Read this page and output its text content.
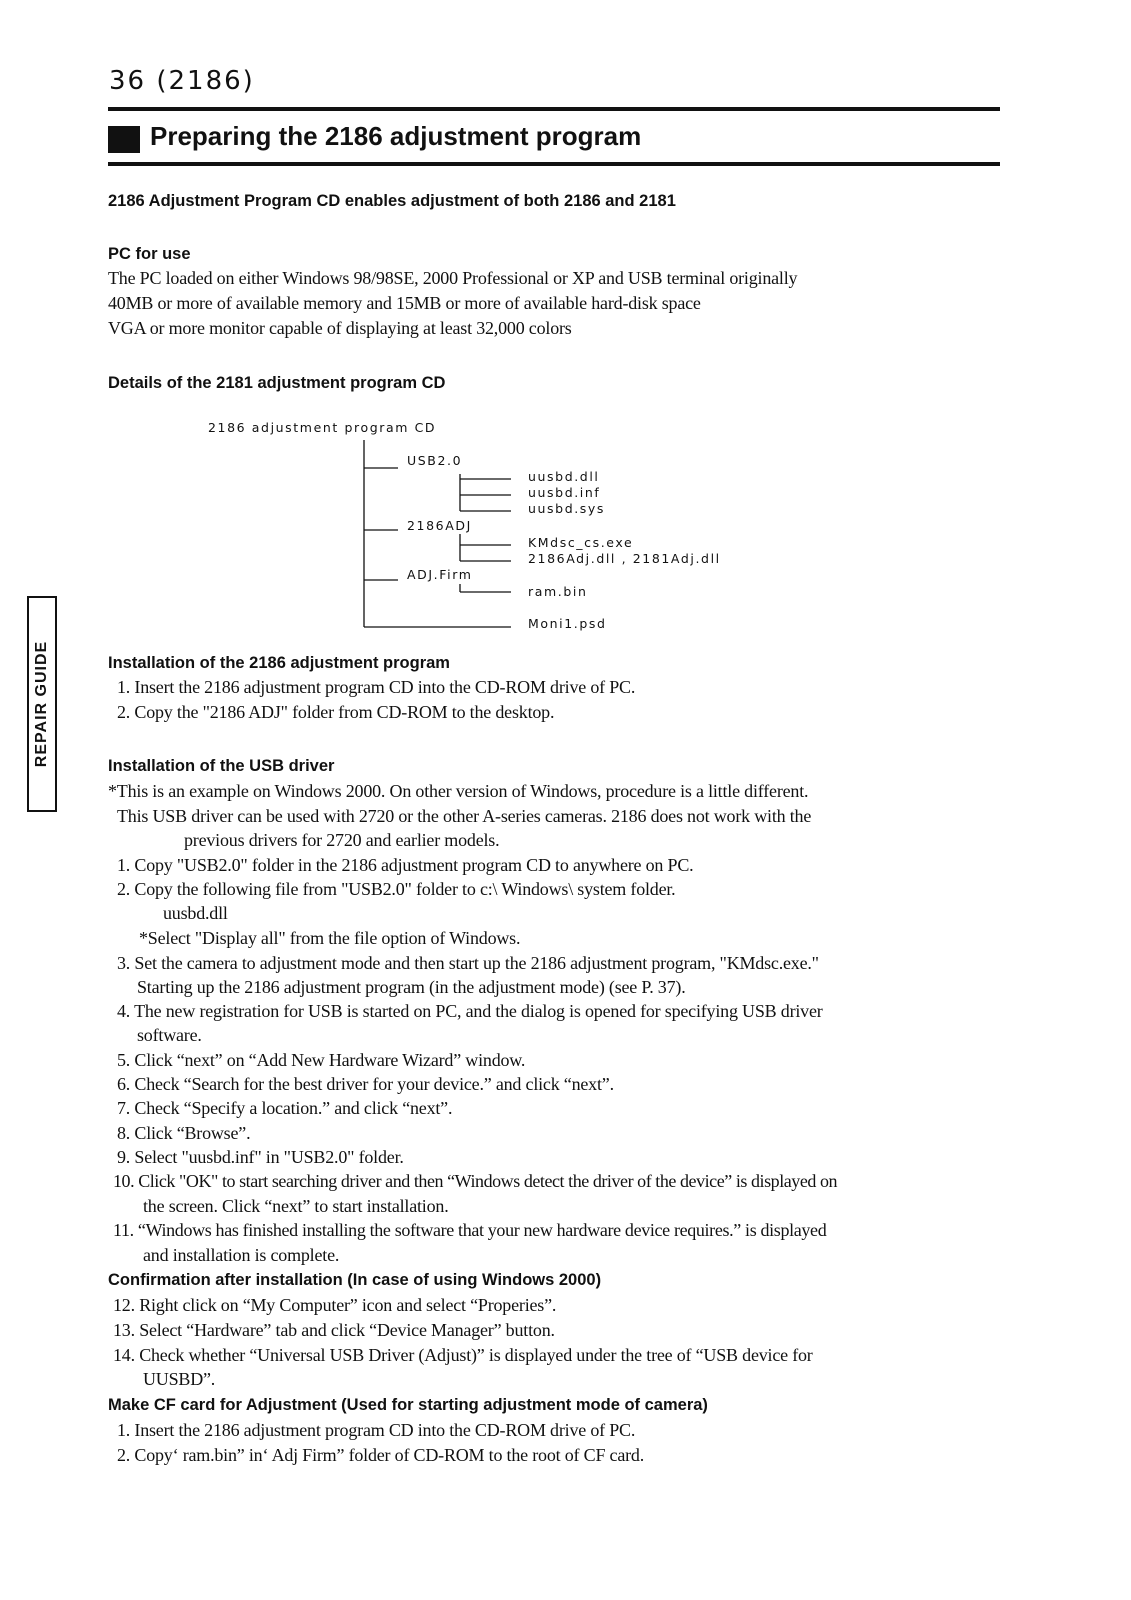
36 (2186)
Preparing the 2186 adjustment program
REPAIR GUIDE
2186 Adjustment Program CD enables adjustment of both 2186 and 2181
PC for use
The PC loaded on either Windows 98/98SE, 2000 Professional or XP and USB terminal originally
40MB or more of available memory and 15MB or more of available hard-disk space
VGA or more monitor capable of displaying at least 32,000 colors
Details of the 2181 adjustment program CD
2186 adjustment program CD
USB2.0
uusbd.dll
uusbd.inf
uusbd.sys
2186ADJ
KMdsc_cs.exe
2186Adj.dll , 2181Adj.dll
ADJ.Firm
ram.bin
Moni1.psd
Installation of the 2186 adjustment program
1. Insert the 2186 adjustment program CD into the CD-ROM drive of PC.
2. Copy the "2186 ADJ" folder from CD-ROM to the desktop.
Installation of the USB driver
*This is an example on Windows 2000. On other version of Windows, procedure is a little different.
This USB driver can be used with 2720 or the other A-series cameras. 2186 does not work with the
previous drivers for 2720 and earlier models.
1. Copy "USB2.0" folder in the 2186 adjustment program CD to anywhere on PC.
2. Copy the following file from "USB2.0" folder to c:\ Windows\ system folder.
uusbd.dll
*Select "Display all" from the file option of Windows.
3. Set the camera to adjustment mode and then start up the 2186 adjustment program, "KMdsc.exe."
Starting up the 2186 adjustment program (in the adjustment mode) (see P. 37).
4. The new registration for USB is started on PC, and the dialog is opened for specifying USB driver
software.
5. Click “next” on “Add New Hardware Wizard” window.
6. Check “Search for the best driver for your device.” and click “next”.
7. Check “Specify a location.” and click “next”.
8. Click “Browse”.
9. Select "uusbd.inf" in "USB2.0" folder.
10. Click "OK" to start searching driver and then “Windows detect the driver of the device” is displayed on
the screen. Click “next” to start installation.
11. “Windows has finished installing the software that your new hardware device requires.” is displayed
and installation is complete.
Confirmation after installation (In case of using Windows 2000)
12. Right click on “My Computer” icon and select “Properies”.
13. Select “Hardware” tab and click “Device Manager” button.
14. Check whether “Universal USB Driver (Adjust)” is displayed under the tree of “USB device for
UUSBD”.
Make CF card for Adjustment (Used for starting adjustment mode of camera)
1. Insert the 2186 adjustment program CD into the CD-ROM drive of PC.
2. Copy‘ ram.bin” in‘ Adj Firm” folder of CD-ROM to the root of CF card.
